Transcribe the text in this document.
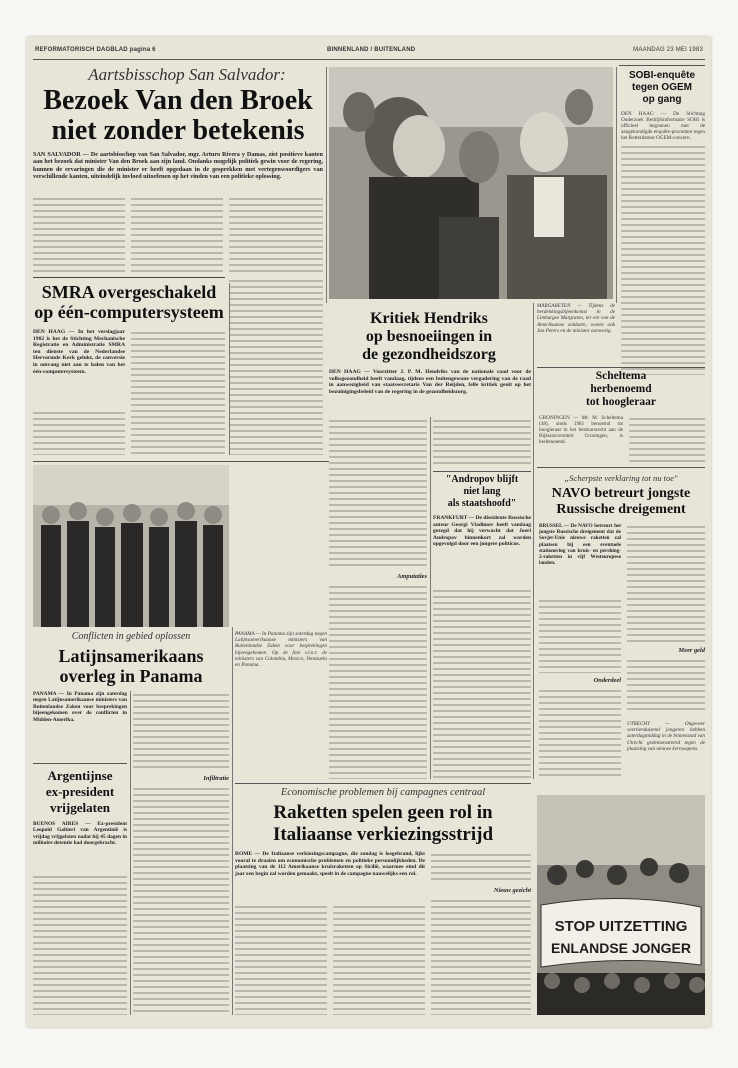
REFORMATORISCH DAGBLAD pagina 6	BINNENLAND / BUITENLAND	MAANDAG 23 MEI 1983
Aartsbisschop San Salvador:
Bezoek Van den Broek
niet zonder betekenis
SAN SALVADOR — De aartsbisschop van San Salvador, mgr. Arturo Rivera y Damas, ziet positieve kanten aan het bezoek dat minister Van den Broek aan zijn land. Ondanks mogelijk politiek gewin voor de regering, kunnen de ervaringen die de minister er heeft opgedaan in de gesprekken met vertegenwoordigers van verschillende kanten, uiteindelijk invloed uitoefenen op het vinden van een politieke oplossing.
SMRA overgeschakeld
op één-computersysteem
DEN HAAG — In het verslagjaar 1982 is het de Stichting Mechanische Registratie en Administratie SMRA ten dienste van de Nederlandse Hervormde Kerk gelukt, de conversie in omvang niet aan te halen van het één-computersysteem.
SOBI-enquête
tegen OGEM
op gang
DEN HAAG — De Stichting Onderzoek Bedrijfsinformatie SOBI is officieel begonnen met de aangekondigde enquête-procedure tegen het Rotterdamse OGEM-concern.
MARGARETEN — Tijdens de herdenkingsbijeenkomst in de Limburgse Margraten, ter ere van de Amerikaanse soldaten, waren ook Jan Peters en de minister aanwezig.
Scheltema
herbenoemd
tot hoogleraar
GRONINGEN — Mr. M. Scheltema (48), sinds 1981 benoemd tot hoogleraar in het bestuursrecht aan de Rijksuniversiteit Groningen, is herbenoemd.
Kritiek Hendriks
op besnoeiingen in
de gezondheidszorg
DEN HAAG — Voorzitter J. P. M. Hendriks van de nationale raad voor de volksgezondheid heeft vandaag, tijdens een buitengewone vergadering van de raad in aanwezigheid van staatssecretaris Van der Reijden, felle kritiek geuit op het bezuinigingsbeleid van de regering in de gezondheidszorg.
Amputaties
"Andropov blijft
niet lang
als staatshoofd"
FRANKFURT — De dissidente Russische auteur Georgi Vladimov heeft vandaag gezegd dat hij verwacht dat Joeri Andropov binnenkort zal worden opgevolgd door een jongere politicus.
„Scherpste verklaring tot nu toe"
NAVO betreurt jongste
Russische dreigement
BRUSSEL — De NAVO betreurt het jongste Russische dreigement dat de Sovjet-Unie nieuwe raketten zal plaatsen bij een eventuele stationering van kruis- en pershing-2-raketten in vijf Westeuropese landen.
Onderdeel
Meer geld
UTRECHT — Ongeveer veertienduizend jongeren hebben zaterdagmiddag in de binnenstad van Utrecht gedemonstreerd tegen de plaatsing van nieuwe kernwapens.
PANAMA — In Panama zijn zaterdag negen Latijnsamerikaanse ministers van Buitenlandse Zaken voor besprekingen bijeengekomen. Op de foto v.l.n.r. de ministers van Colombia, Mexico, Venezuela en Panama.
Conflicten in gebied oplossen
Latijnsamerikaans
overleg in Panama
PANAMA — In Panama zijn zaterdag negen Latijnsamerikaanse ministers van Buitenlandse Zaken voor besprekingen bijeengekomen over de conflicten in Midden-Amerika.
Infiltratie
Argentijnse
ex-president
vrijgelaten
BUENOS AIRES — Ex-president Leopold Galtieri van Argentinië is vrijdag vrijgelaten nadat hij 45 dagen in militaire detentie had doorgebracht.
Economische problemen bij campagnes centraal
Raketten spelen geen rol in
Italiaanse verkiezingsstrijd
ROME — De Italiaanse verkiezingscampagne, die zondag is losgebrand, lijkt vooral te draaien om economische problemen en politieke persoonlijkheden. De plaatsing van de 112 Amerikaanse kruisraketten op Sicilië, waarmee eind dit jaar een begin zal worden gemaakt, speelt in de campagne nauwelijks een rol.
Nieuw gezicht
STOP UITZETTING
ENLANDSE JONGER
